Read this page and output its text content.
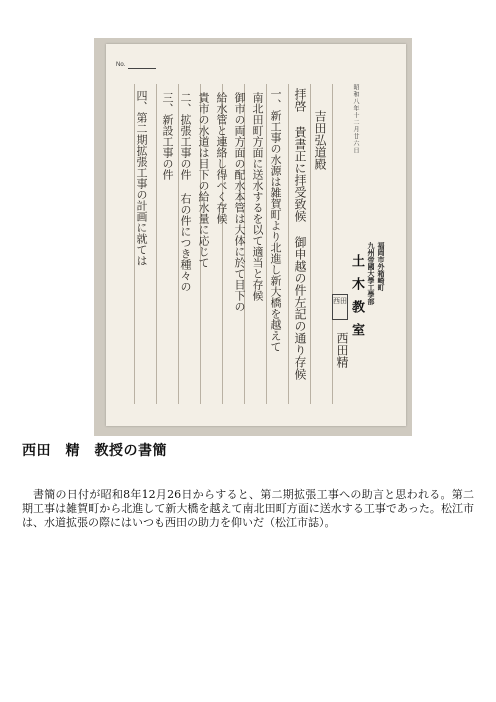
No.
昭和八年十二月廿六日
拝啓 貴書正に拝受致候 御申越の件左記の通り存候 吉田弘道殿
一、新工事の水源は雑賀町より北進し新大橋を越えて
南北田町方面に送水するを以て適当と存候
御市の両方面の配水本管は大体に於て目下の
給水管と連絡し得べく存候
貴市の水道は目下の給水量に応じて
二、拡張工事の件 右の件につき種々の
三、新設工事の件
四、第二期拡張工事の計画に就ては
西田精
福岡市外箱崎町
九州帝國大學工學部
土木教室
西田
西田　精　教授の書簡

書簡の日付が昭和8年12月26日からすると、第二期拡張工事への助言と思われる。第二期工事は雑賀町から北進して新大橋を越えて南北田町方面に送水する工事であった。松江市は、水道拡張の際にはいつも西田の助力を仰いだ（松江市誌）。
